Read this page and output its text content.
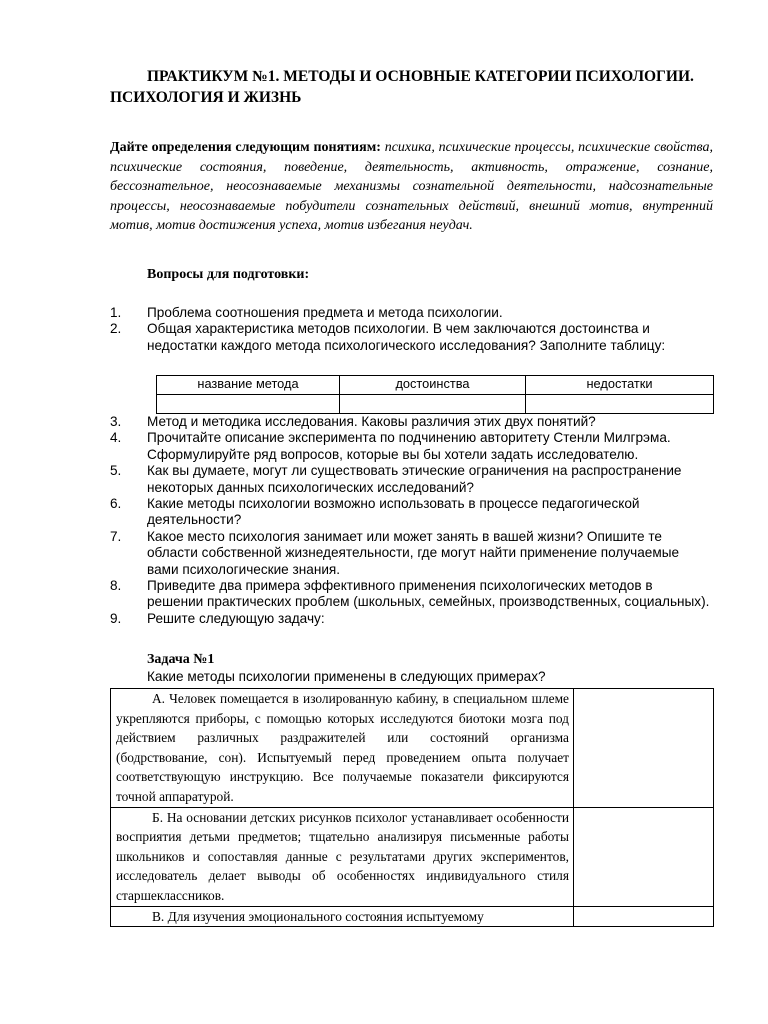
ПРАКТИКУМ №1. МЕТОДЫ И ОСНОВНЫЕ КАТЕГОРИИ ПСИХОЛОГИИ. ПСИХОЛОГИЯ И ЖИЗНЬ

Дайте определения следующим понятиям: психика, психические процессы, психические свойства, психические состояния, поведение, деятельность, активность, отражение, сознание, бессознательное, неосознаваемые механизмы сознательной деятельности, надсознательные процессы, неосознаваемые побудители сознательных действий, внешний мотив, внутренний мотив, мотив достижения успеха, мотив избегания неудач.

Вопросы для подготовки:

1. Проблема соотношения предмета и метода психологии.
2. Общая характеристика методов психологии. В чем заключаются достоинства и недостатки каждого метода психологического исследования? Заполните таблицу:
название метода	достоинства	недостатки

3. Метод и методика исследования. Каковы различия этих двух понятий?
4. Прочитайте описание эксперимента по подчинению авторитету Стенли Милгрэма. Сформулируйте ряд вопросов, которые вы бы хотели задать исследователю.
5. Как вы думаете, могут ли существовать этические ограничения на распространение некоторых данных психологических исследований?
6. Какие методы психологии возможно использовать в процессе педагогической деятельности?
7. Какое место психология занимает или может занять в вашей жизни? Опишите те области собственной жизнедеятельности, где могут найти применение получаемые вами психологические знания.
8. Приведите два примера эффективного применения психологических методов в решении практических проблем (школьных, семейных, производственных, социальных).
9. Решите следующую задачу:

Задача №1

Какие методы психологии применены в следующих примерах?

А. Человек помещается в изолированную кабину, в специальном шлеме укрепляются приборы, с помощью которых исследуются биотоки мозга под действием различных раздражителей или состояний организма (бодрствование, сон). Испытуемый перед проведением опыта получает соответствующую инструкцию. Все получаемые показатели фиксируются точной аппаратурой.	
Б. На основании детских рисунков психолог устанавливает особенности восприятия детьми предметов; тщательно анализируя письменные работы школьников и сопоставляя данные с результатами других экспериментов, исследователь делает выводы об особенностях индивидуального стиля старшеклассников.	
В. Для изучения эмоционального состояния испытуемому	
